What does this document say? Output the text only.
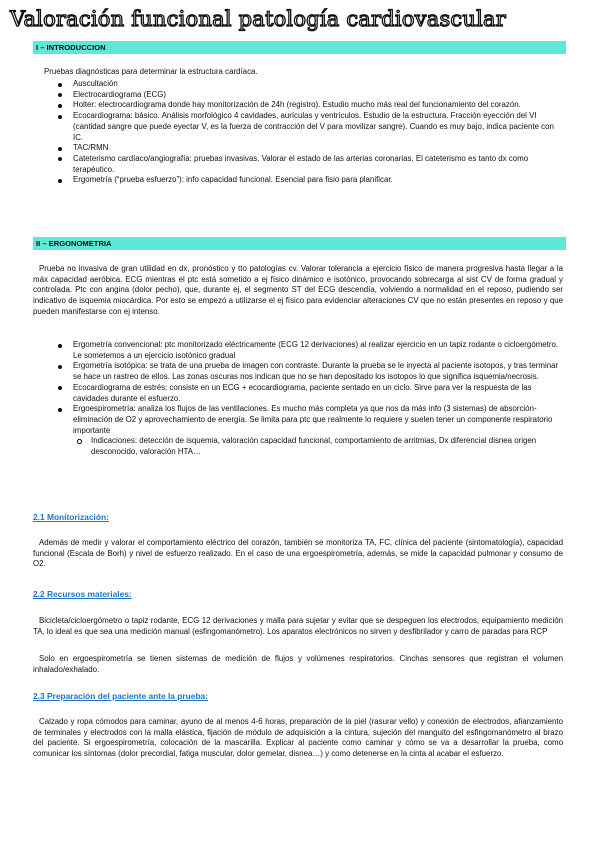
Valoración funcional patología cardiovascular
I – INTRODUCCION
Pruebas diagnósticas para determinar la estructura cardíaca.
Auscultación
Electrocardiograma (ECG)
Holter: electrocardiograma donde hay monitorización de 24h (registro). Estudio mucho más real del funcionamiento del corazón.
Ecocardiograma: básico. Análisis morfológico 4 cavidades, aurículas y ventrículos. Estudio de la estructura. Fracción eyección del VI (cantidad sangre que puede eyectar V, es la fuerza de contracción del V para movilizar sangre). Cuando es muy bajo, indica paciente con IC.
TAC/RMN
Cateterismo cardíaco/angiografía: pruebas invasivas. Valorar el estado de las arterias coronarias. El cateterismo es tanto dx como terapéutico.
Ergometría (“prueba esfuerzo”): info capacidad funcional. Esencial para fisio para planificar.
II – ERGONOMETRIA
Prueba no invasiva de gran utilidad en dx, pronóstico y tto patologías cv. Valorar tolerancia a ejercicio físico de manera progresiva hasta llegar a la máx capacidad aeróbica. ECG mientras el ptc está sometido a ej físico dinámico e isotónico, provocando sobrecarga al sist CV de forma gradual y controlada. Ptc con angina (dolor pecho), que, durante ej, el segmento ST del ECG descendía, volviendo a normalidad en el reposo, pudiendo ser indicativo de isquemia miocárdica. Por esto se empezó a utilizarse el ej físico para evidenciar alteraciones CV que no están presentes en reposo y que pueden manifestarse con ej intenso.
Ergometría convencional: ptc monitorizado eléctricamente (ECG 12 derivaciones) al realizar ejercicio en un tapiz rodante o cicloergómetro. Le sometemos a un ejercicio isotónico gradual
Ergometría isotópica: se trata de una prueba de imagen con contraste. Durante la prueba se le inyecta al paciente isotopos, y tras terminar se hace un rastreo de ellos. Las zonas oscuras nos indican que no se han depositado los isotopos lo que significa isquemia/necrosis.
Ecocardiograma de estrés: consiste en un ECG + ecocardiograma, paciente sentado en un ciclo. Sirve para ver la respuesta de las cavidades durante el esfuerzo.
Ergoespirometría: analiza los flujos de las ventilaciones. Es mucho más completa ya que nos da más info (3 sistemas) de absorción-eliminación de O2 y aprovechamiento de energía. Se limita para ptc que realmente lo requiere y suelen tener un componente respiratorio importante
Indicaciones: detección de isquemia, valoración capacidad funcional, comportamiento de arritmias, Dx diferencial disnea origen desconocido, valoración HTA…
2.1 Monitorización:
Además de medir y valorar el comportamiento eléctrico del corazón, también se monitoriza TA, FC, clínica del paciente (sintomatología), capacidad funcional (Escala de Borh) y nivel de esfuerzo realizado. En el caso de una ergoespirometría, además, se mide la capacidad pulmonar y consumo de O2.
2.2 Recursos materiales:
Bicicleta/cicloergómetro o tapiz rodante, ECG 12 derivaciones y malla para sujetar y evitar que se despeguen los electrodos, equipamiento medición TA, lo ideal es que sea una medición manual (esfingomanómetro). Los aparatos electrónicos no sirven y desfibrilador y carro de paradas para RCP
Solo en ergoespirometría se tienen sistemas de medición de flujos y volúmenes respiratorios. Cinchas sensores que registran el volumen inhalado/exhalado.
2.3 Preparación del paciente ante la prueba:
Calzado y ropa cómodos para caminar, ayuno de al menos 4-6 horas, preparación de la piel (rasurar vello) y conexión de electrodos, afianzamiento de terminales y electrodos con la malla elástica, fijación de módulo de adquisición a la cintura, sujeción del manguito del esfingomanómetro al brazo del paciente. Si ergoespirometría, colocación de la mascarilla. Explicar al paciente como caminar y cómo se va a desarrollar la prueba, como comunicar los síntomas (dolor precordial, fatiga muscular, dolor gemelar, disnea…) y como detenerse en la cinta al acabar el esfuerzo.
